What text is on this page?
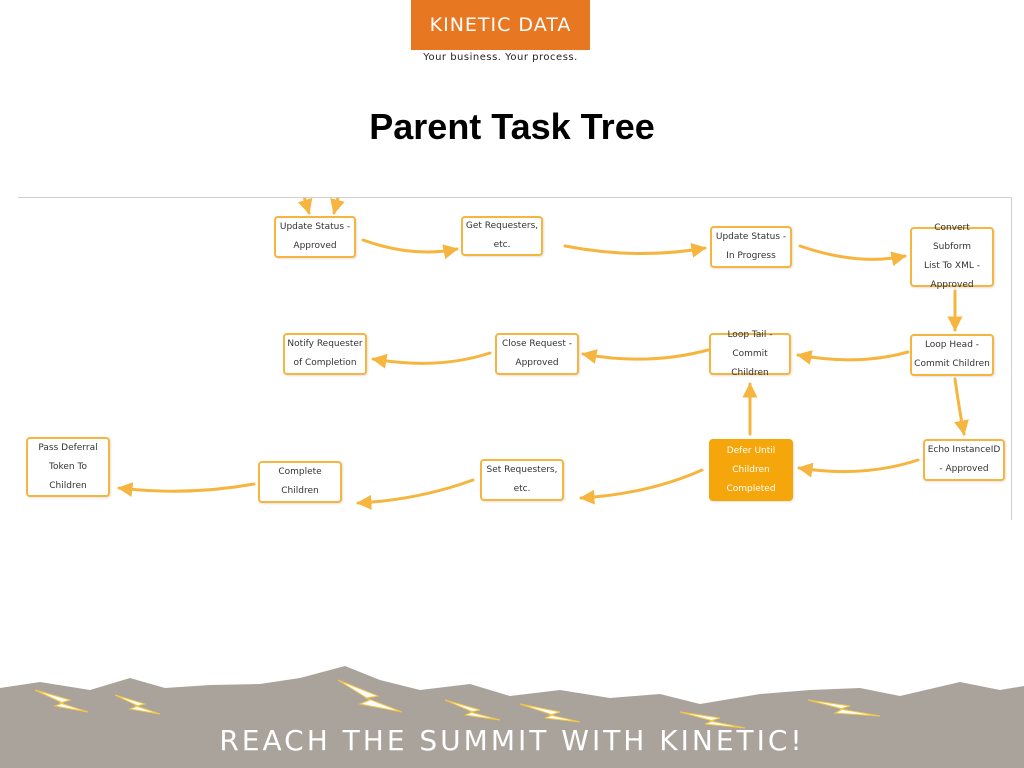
KINETIC DATA
Your business. Your process.
Parent Task Tree
Update Status -
Approved
Get Requesters,
etc.
Update Status -
In Progress
Convert Subform
List To XML -
Approved
Loop Head -
Commit Children
Loop Tail -
Commit Children
Close Request -
Approved
Notify Requester
of Completion
Echo InstanceID
- Approved
Defer Until
Children
Completed
Set Requesters,
etc.
Complete
Children
Pass Deferral
Token To
Children
REACH THE SUMMIT WITH KINETIC!
